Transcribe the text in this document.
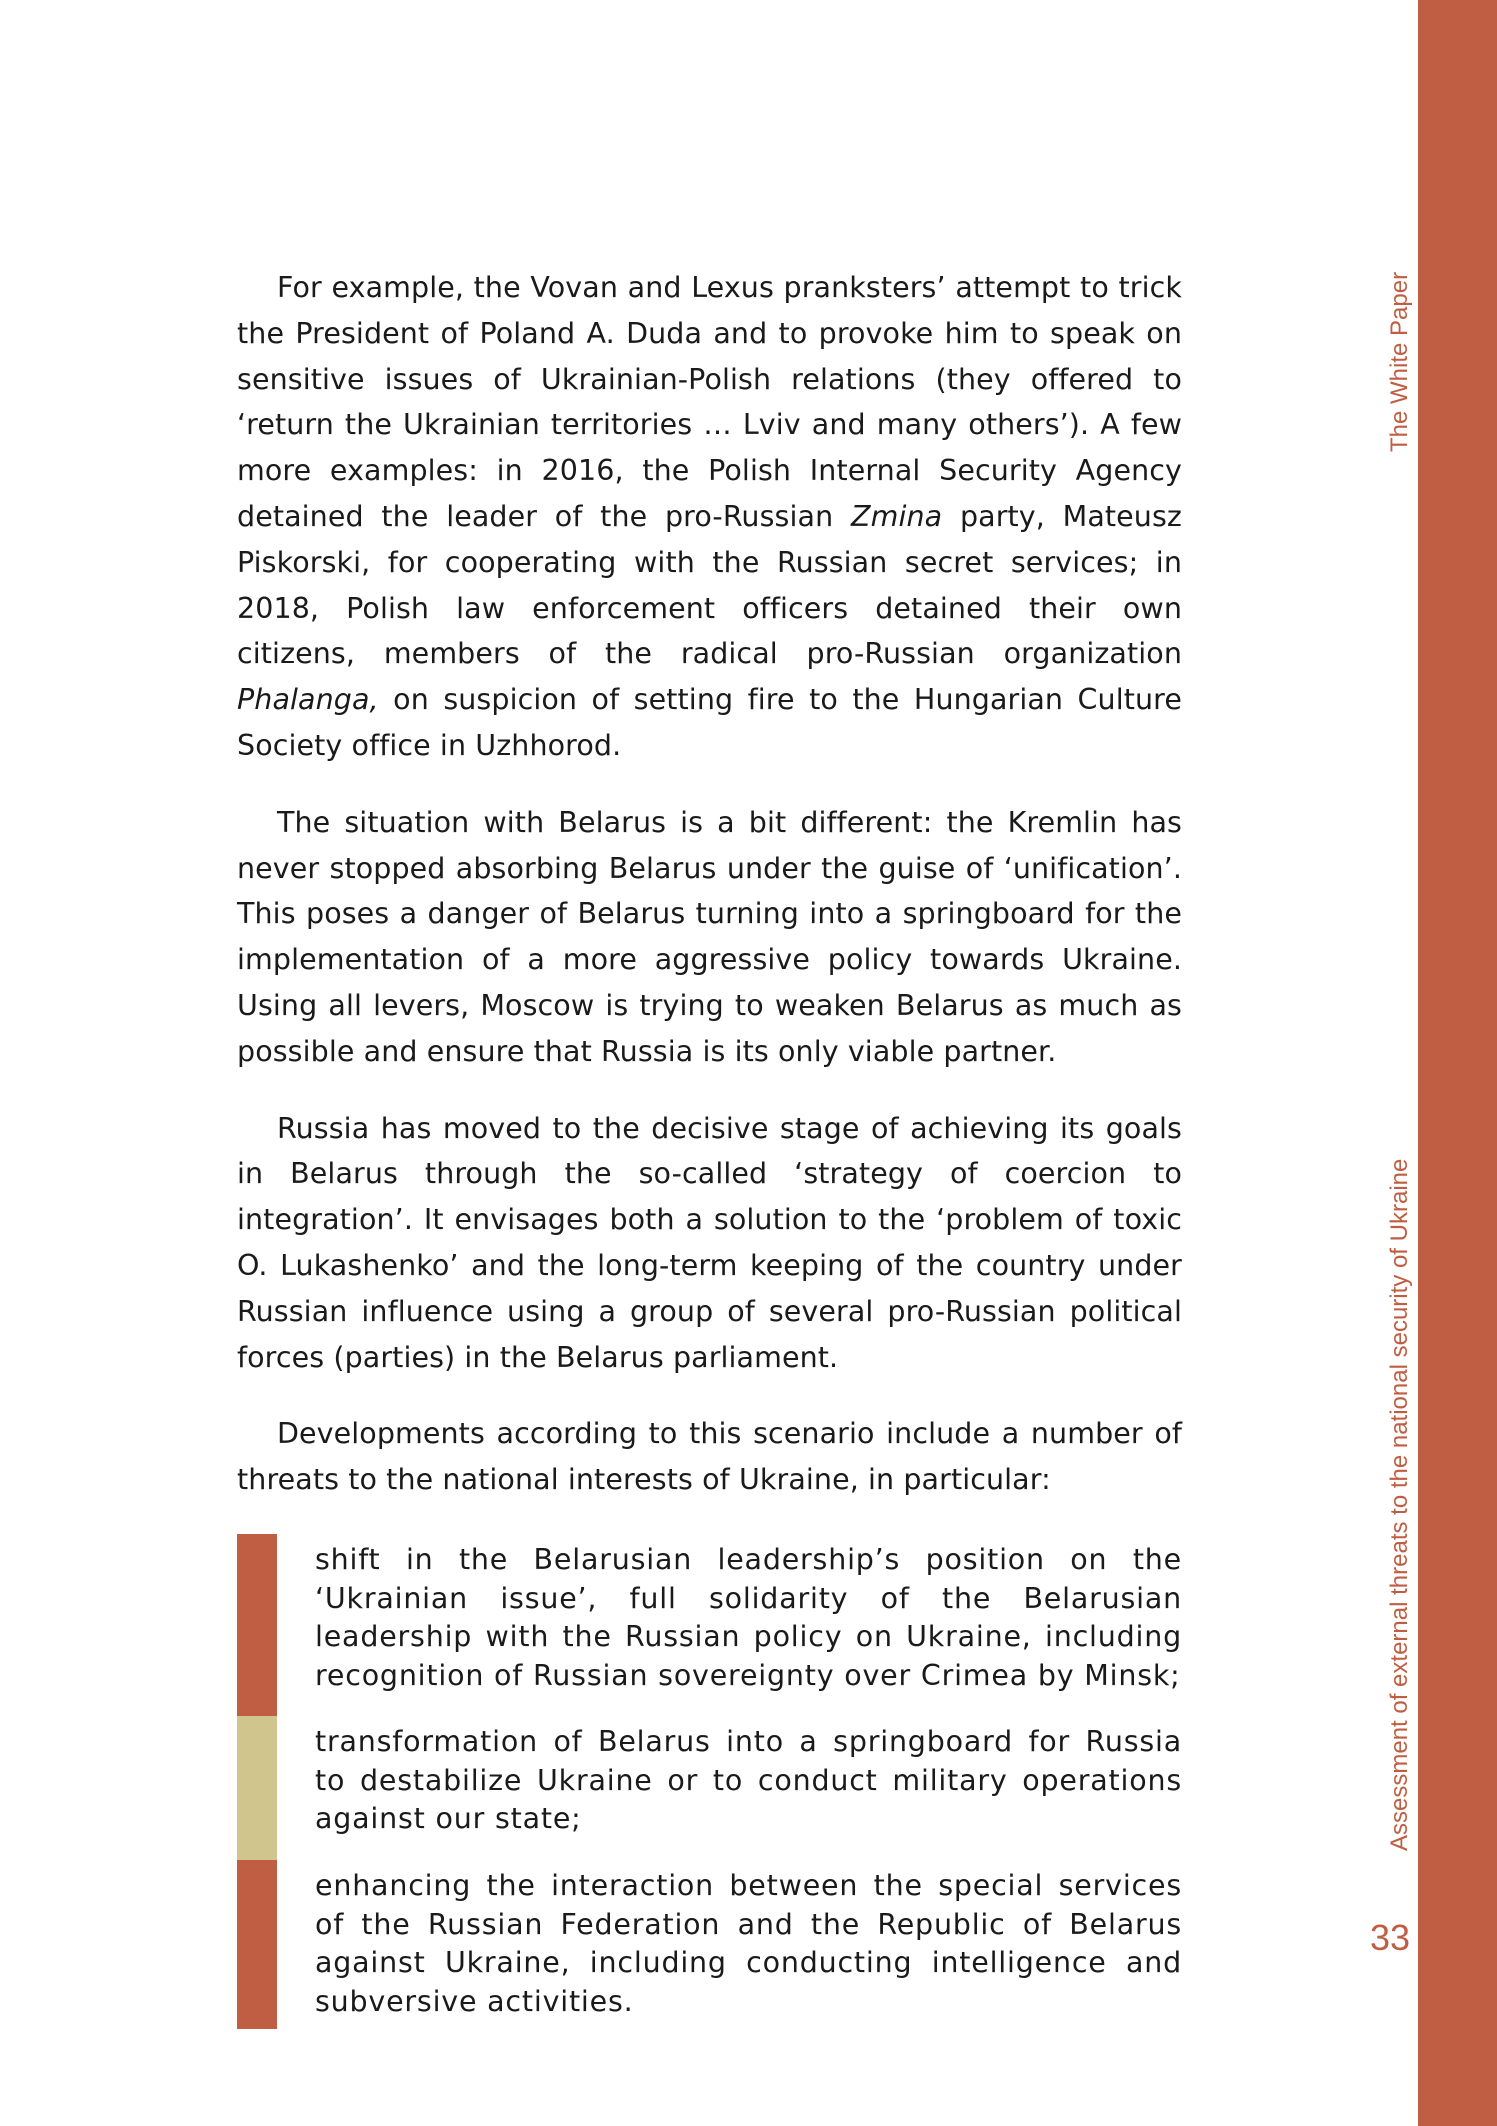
The White Paper
Assessment of external threats to the national security of Ukraine
33

For example, the Vovan and Lexus pranksters’ attempt to trick the President of Poland A. Duda and to provoke him to speak on sensitive issues of Ukrainian-Polish relations (they offered to ‘return the Ukrainian territories … Lviv and many others’). A few more examples: in 2016, the Polish Internal Security Agency detained the leader of the pro-Russian Zmina party, Mateusz Piskorski, for cooperating with the Russian secret services; in 2018, Polish law enforcement officers detained their own citizens, members of the radical pro-Russian organization Phalanga, on suspicion of setting fire to the Hungarian Culture Society office in Uzhhorod.

The situation with Belarus is a bit different: the Kremlin has never stopped absorbing Belarus under the guise of ‘unification’. This poses a danger of Belarus turning into a springboard for the implementation of a more aggressive policy towards Ukraine. Using all levers, Moscow is trying to weaken Belarus as much as possible and ensure that Russia is its only viable partner.

Russia has moved to the decisive stage of achieving its goals in Belarus through the so-called ‘strategy of coercion to integration’. It envisages both a solution to the ‘problem of toxic O. Lukashenko’ and the long-term keeping of the country under Russian influence using a group of several pro-Russian political forces (parties) in the Belarus parliament.

Developments according to this scenario include a number of threats to the national interests of Ukraine, in particular:

shift in the Belarusian leadership’s position on the ‘Ukrainian issue’, full solidarity of the Belarusian leadership with the Russian policy on Ukraine, including recognition of Russian sovereignty over Crimea by Minsk;
transformation of Belarus into a springboard for Russia to destabilize Ukraine or to conduct military operations against our state;
enhancing the interaction between the special services of the Russian Federation and the Republic of Belarus against Ukraine, including conducting intelligence and subversive activities.
